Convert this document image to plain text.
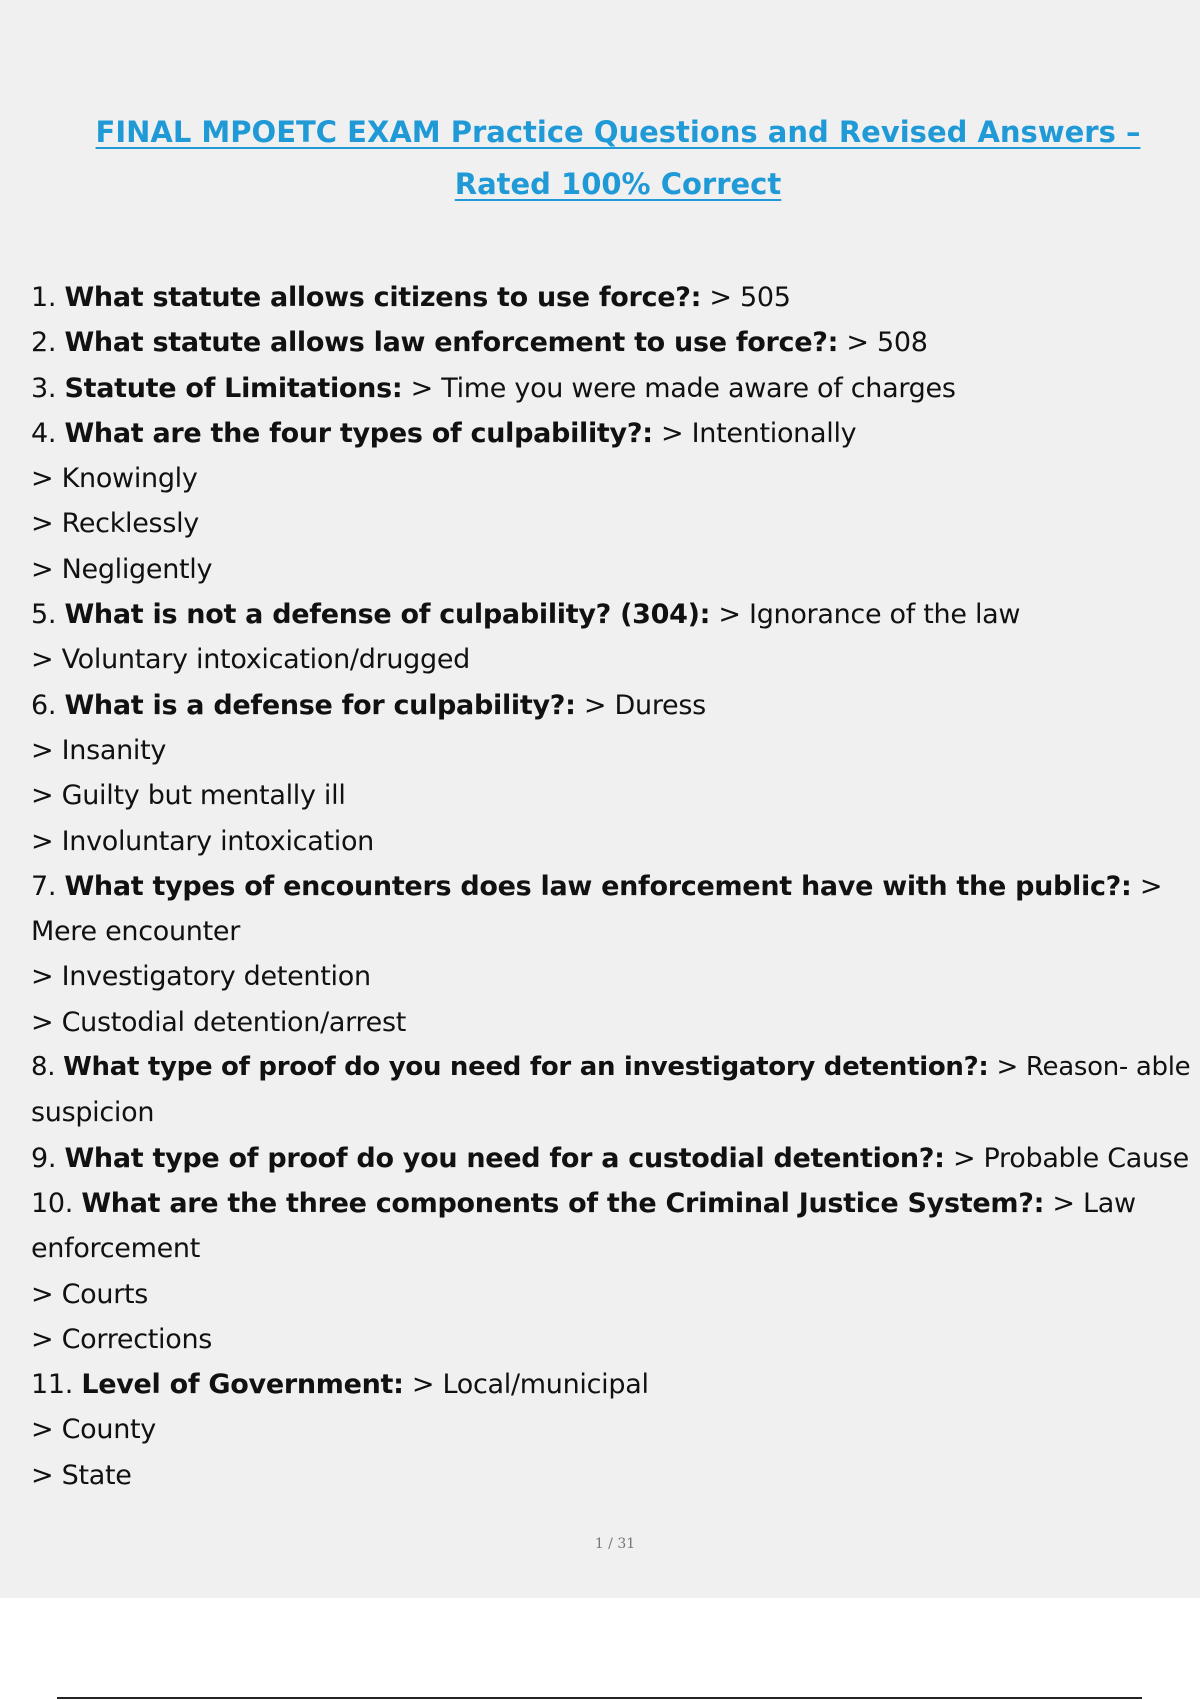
FINAL MPOETC EXAM Practice Questions and Revised Answers –
Rated 100% Correct
1. What statute allows citizens to use force?: > 505
2. What statute allows law enforcement to use force?: > 508
3. Statute of Limitations: > Time you were made aware of charges
4. What are the four types of culpability?: > Intentionally
> Knowingly
> Recklessly
> Negligently
5. What is not a defense of culpability? (304): > Ignorance of the law
> Voluntary intoxication/drugged
6. What is a defense for culpability?: > Duress
> Insanity
> Guilty but mentally ill
> Involuntary intoxication
7. What types of encounters does law enforcement have with the public?: >
Mere encounter
> Investigatory detention
> Custodial detention/arrest
8. What type of proof do you need for an investigatory detention?: > Reason- able
suspicion
9. What type of proof do you need for a custodial detention?: > Probable Cause
10. What are the three components of the Criminal Justice System?: > Law
enforcement
> Courts
> Corrections
11. Level of Government: > Local/municipal
> County
> State
1 / 31
